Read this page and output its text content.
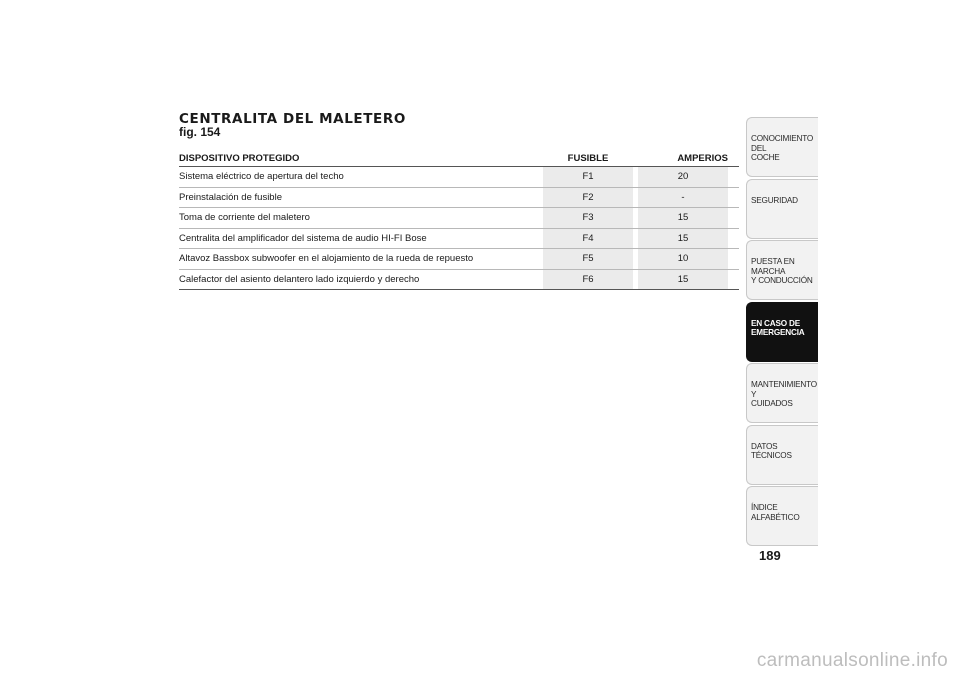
CENTRALITA DEL MALETERO
fig. 154
DISPOSITIVO PROTEGIDO	FUSIBLE	AMPERIOS
Sistema eléctrico de apertura del techo	F1	20
Preinstalación de fusible	F2	-
Toma de corriente del maletero	F3	15
Centralita del amplificador del sistema de audio HI-FI Bose	F4	15
Altavoz Bassbox subwoofer en el alojamiento de la rueda de repuesto	F5	10
Calefactor del asiento delantero lado izquierdo y derecho	F6	15
CONOCIMIENTO DEL
COCHE
SEGURIDAD
PUESTA EN MARCHA
Y CONDUCCIÓN
EN CASO DE
EMERGENCIA
MANTENIMIENTO Y
CUIDADOS
DATOS TÉCNICOS
ÍNDICE ALFABÉTICO
189
carmanualsonline.info
